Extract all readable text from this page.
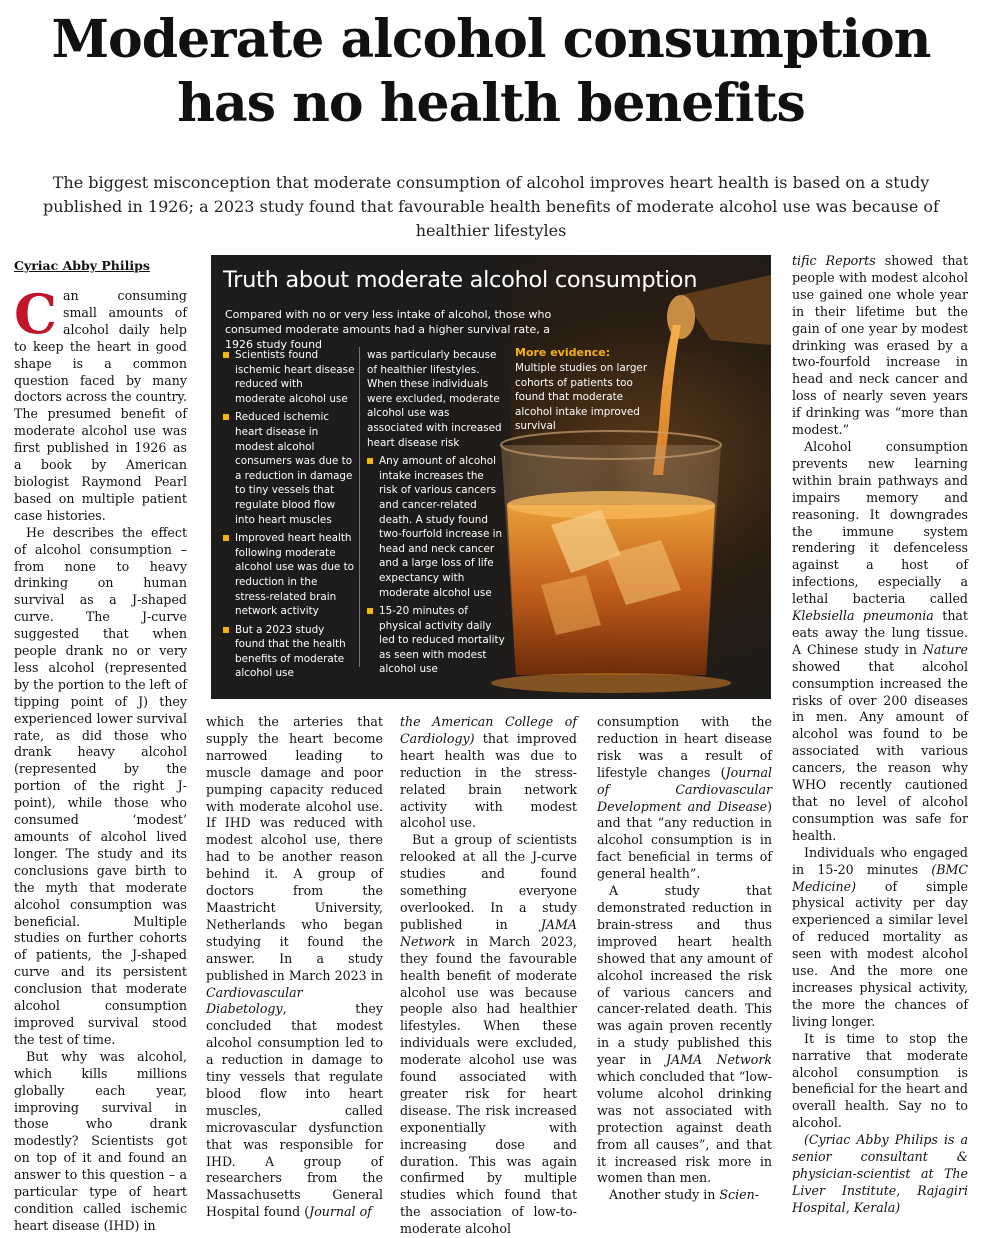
Moderate alcohol consumption
has no health benefits

The biggest misconception that moderate consumption of alcohol improves heart health is based on a study published in 1926; a 2023 study found that favourable health benefits of moderate alcohol use was because of healthier lifestyles

Cyriac Abby Philips

Can consuming small amounts of alcohol daily help to keep the heart in good shape is a common question faced by many doctors across the country. The presumed benefit of moderate alcohol use was first published in 1926 as a book by American biologist Raymond Pearl based on multiple patient case histories.

He describes the effect of alcohol consumption – from none to heavy drinking on human survival as a J-shaped curve. The J-curve suggested that when people drank no or very less alcohol (represented by the portion to the left of tipping point of J) they experienced lower survival rate, as did those who drank heavy alcohol (represented by the portion of the right J-point), while those who consumed ‘modest’ amounts of alcohol lived longer. The study and its conclusions gave birth to the myth that moderate alcohol consumption was beneficial. Multiple studies on further cohorts of patients, the J-shaped curve and its persistent conclusion that moderate alcohol consumption improved survival stood the test of time.

But why was alcohol, which kills millions globally each year, improving survival in those who drank modestly? Scientists got on top of it and found an answer to this question – a particular type of heart condition called ischemic heart disease (IHD) in

Truth about moderate alcohol consumption

Compared with no or very less intake of alcohol, those who consumed moderate amounts had a higher survival rate, a 1926 study found

Scientists found ischemic heart disease reduced with moderate alcohol use
Reduced ischemic heart disease in modest alcohol consumers was due to a reduction in damage to tiny vessels that regulate blood flow into heart muscles
Improved heart health following moderate alcohol use was due to reduction in the stress-related brain network activity
But a 2023 study found that the health benefits of moderate alcohol use
was particularly because of healthier lifestyles. When these individuals were excluded, moderate alcohol use was associated with increased heart disease risk
Any amount of alcohol intake increases the risk of various cancers and cancer-related death. A study found two-fourfold increase in head and neck cancer and a large loss of life expectancy with moderate alcohol use
15-20 minutes of physical activity daily led to reduced mortality as seen with modest alcohol use
More evidence:
Multiple studies on larger cohorts of patients too found that moderate alcohol intake improved survival

which the arteries that supply the heart become narrowed leading to muscle damage and poor pumping capacity reduced with moderate alcohol use. If IHD was reduced with modest alcohol use, there had to be another reason behind it. A group of doctors from the Maastricht University, Netherlands who began studying it found the answer. In a study published in March 2023 in Cardiovascular Diabetology, they concluded that modest alcohol consumption led to a reduction in damage to tiny vessels that regulate blood flow into heart muscles, called microvascular dysfunction that was responsible for IHD. A group of researchers from the Massachusetts General Hospital found (Journal of

the American College of Cardiology) that improved heart health was due to reduction in the stress-related brain network activity with modest alcohol use.

But a group of scientists relooked at all the J-curve studies and found something everyone overlooked. In a study published in JAMA Network in March 2023, they found the favourable health benefit of moderate alcohol use was because people also had healthier lifestyles. When these individuals were excluded, moderate alcohol use was found associated with greater risk for heart disease. The risk increased exponentially with increasing dose and duration. This was again confirmed by multiple studies which found that the association of low-to-moderate alcohol

consumption with the reduction in heart disease risk was a result of lifestyle changes (Journal of Cardiovascular Development and Disease) and that “any reduction in alcohol consumption is in fact beneficial in terms of general health”.

A study that demonstrated reduction in brain-stress and thus improved heart health showed that any amount of alcohol increased the risk of various cancers and cancer-related death. This was again proven recently in a study published this year in JAMA Network which concluded that “low-volume alcohol drinking was not associated with protection against death from all causes”, and that it increased risk more in women than men.

Another study in Scien-

tific Reports showed that people with modest alcohol use gained one whole year in their lifetime but the gain of one year by modest drinking was erased by a two-fourfold increase in head and neck cancer and loss of nearly seven years if drinking was “more than modest.”

Alcohol consumption prevents new learning within brain pathways and impairs memory and reasoning. It downgrades the immune system rendering it defenceless against a host of infections, especially a lethal bacteria called Klebsiella pneumonia that eats away the lung tissue. A Chinese study in Nature showed that alcohol consumption increased the risks of over 200 diseases in men. Any amount of alcohol was found to be associated with various cancers, the reason why WHO recently cautioned that no level of alcohol consumption was safe for health.

Individuals who engaged in 15-20 minutes (BMC Medicine) of simple physical activity per day experienced a similar level of reduced mortality as seen with modest alcohol use. And the more one increases physical activity, the more the chances of living longer.

It is time to stop the narrative that moderate alcohol consumption is beneficial for the heart and overall health. Say no to alcohol.

(Cyriac Abby Philips is a senior consultant & physician-scientist at The Liver Institute, Rajagiri Hospital, Kerala)
